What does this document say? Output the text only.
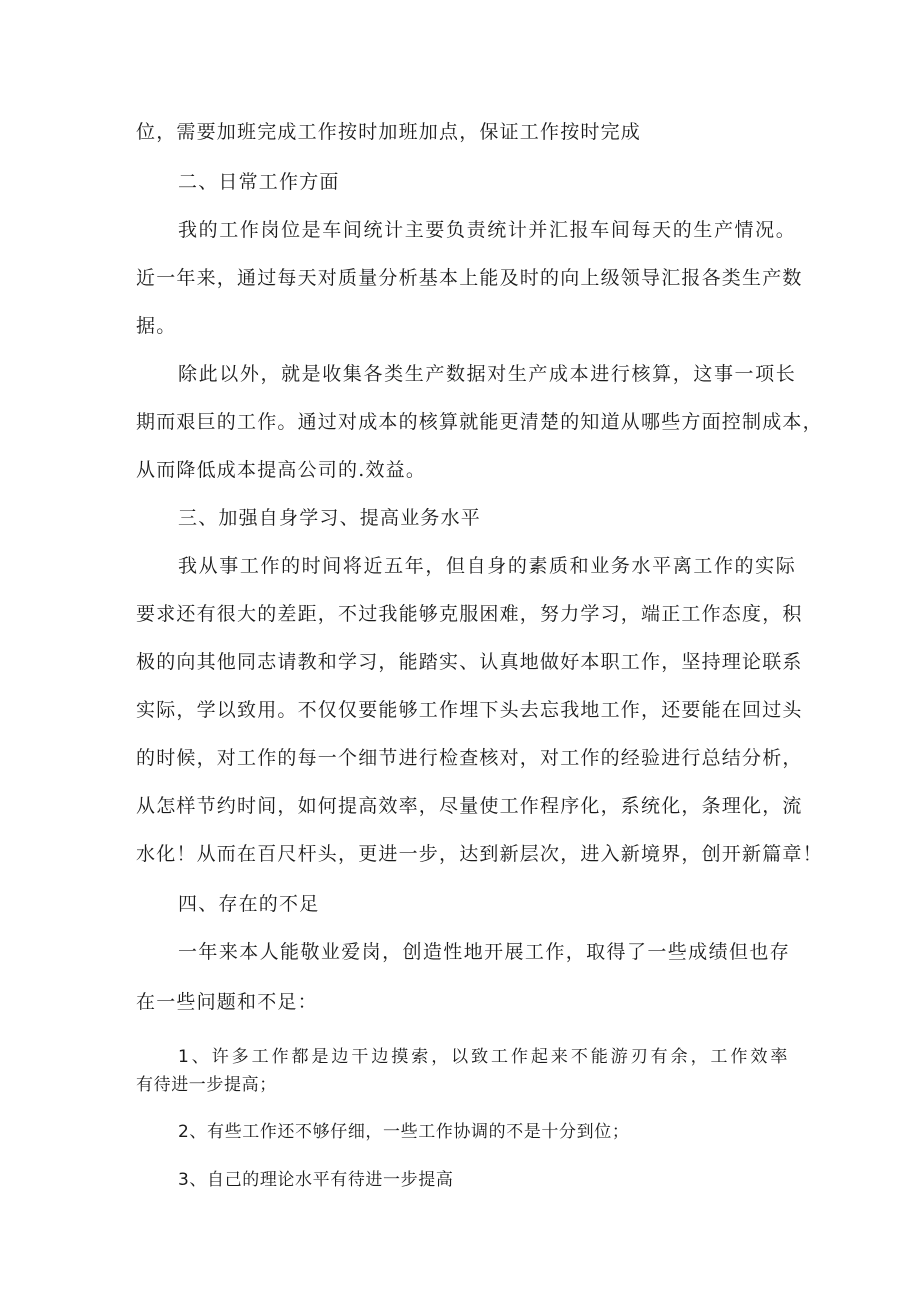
位，需要加班完成工作按时加班加点，保证工作按时完成
二、日常工作方面
我的工作岗位是车间统计主要负责统计并汇报车间每天的生产情况。
近一年来，通过每天对质量分析基本上能及时的向上级领导汇报各类生产数
据。
除此以外，就是收集各类生产数据对生产成本进行核算，这事一项长
期而艰巨的工作。通过对成本的核算就能更清楚的知道从哪些方面控制成本，
从而降低成本提高公司的.效益。
三、加强自身学习、提高业务水平
我从事工作的时间将近五年，但自身的素质和业务水平离工作的实际
要求还有很大的差距，不过我能够克服困难，努力学习，端正工作态度，积
极的向其他同志请教和学习，能踏实、认真地做好本职工作，坚持理论联系
实际，学以致用。不仅仅要能够工作埋下头去忘我地工作，还要能在回过头
的时候，对工作的每一个细节进行检查核对，对工作的经验进行总结分析，
从怎样节约时间，如何提高效率，尽量使工作程序化，系统化，条理化，流
水化！从而在百尺杆头，更进一步，达到新层次，进入新境界，创开新篇章！
四、存在的不足
一年来本人能敬业爱岗，创造性地开展工作，取得了一些成绩但也存
在一些问题和不足：
1、许多工作都是边干边摸索，以致工作起来不能游刃有余，工作效率
有待进一步提高；
2、有些工作还不够仔细，一些工作协调的不是十分到位；
3、自己的理论水平有待进一步提高
